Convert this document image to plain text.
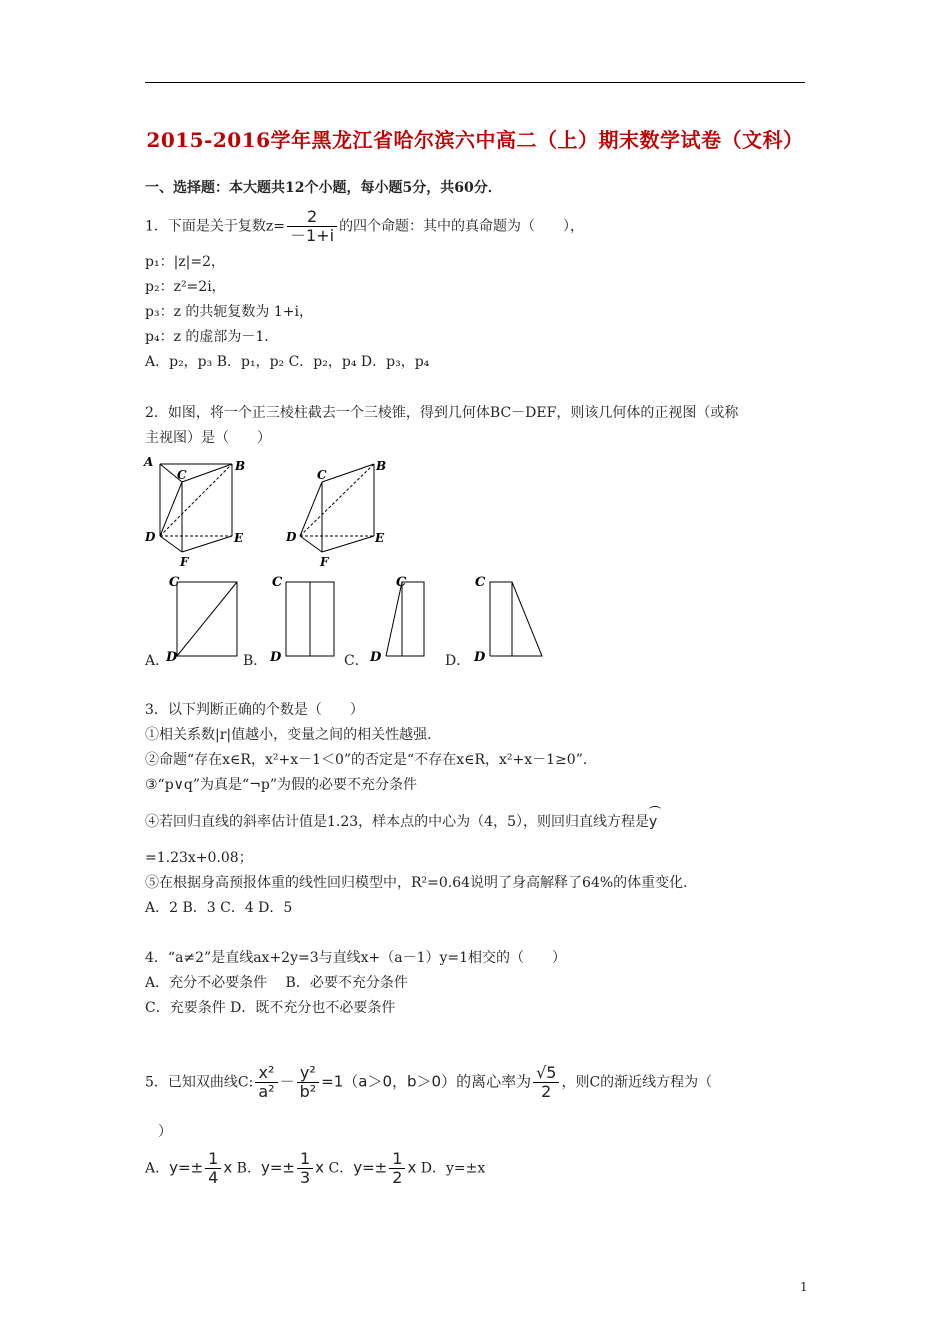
2015-2016学年黑龙江省哈尔滨六中高二（上）期末数学试卷（文科）
一、选择题：本大题共12个小题，每小题5分，共60分．
1．下面是关于复数$z= \frac{2}{-1+i}$ 的四个命题：其中的真命题为（　　），
p₁：|z|=2，
p₂：z²=2i，
p₃：z 的共轭复数为 1+i，
p₄：z 的虚部为－1．
A．p₂，p₃ B．p₁，p₂ C．p₂，p₄ D．p₃，p₄
2．如图，将一个正三棱柱截去一个三棱锥，得到几何体BC－DEF，则该几何体的正视图（或称
主视图）是（　　）
A
C
B
D	E
F
C
B
D	E
F
C
D
A．
C
D
B．
C
D
C．
C
D
D．
3．以下判断正确的个数是（　　）
①相关系数|r|值越小，变量之间的相关性越强．
②命题“存在x∈R，x²+x－1＜0”的否定是“不存在x∈R，x²+x－1≥0”．
③“p∨q”为真是“¬p”为假的必要不充分条件
④若回归直线的斜率估计值是1.23，样本点的中心为（4，5），则回归直线方程是y
=1.23x+0.08；
⑤在根据身高预报体重的线性回归模型中，R²=0.64说明了身高解释了64%的体重变化．
A．2 B．3 C．4 D．5
4．“a≠2”是直线ax+2y=3与直线x+（a－1）y=1相交的（　　）
A．充分不必要条件　 B．必要不充分条件
C．充要条件 D．既不充分也不必要条件
5．已知双曲线C: $\frac{\text{x²}}{\text{a²}} - \frac{\text{y²}}{\text{b²}} =1(a>0$，b＞0）的离心率为 $\frac{√5}{2}$ ，则C的渐近线方程为（
）
A．$y=\pm \frac{1}{4}$ x B．$y=\pm \frac{1}{3}$ x C．$y=\pm \frac{1}{2}$ x D．y=±x
1
